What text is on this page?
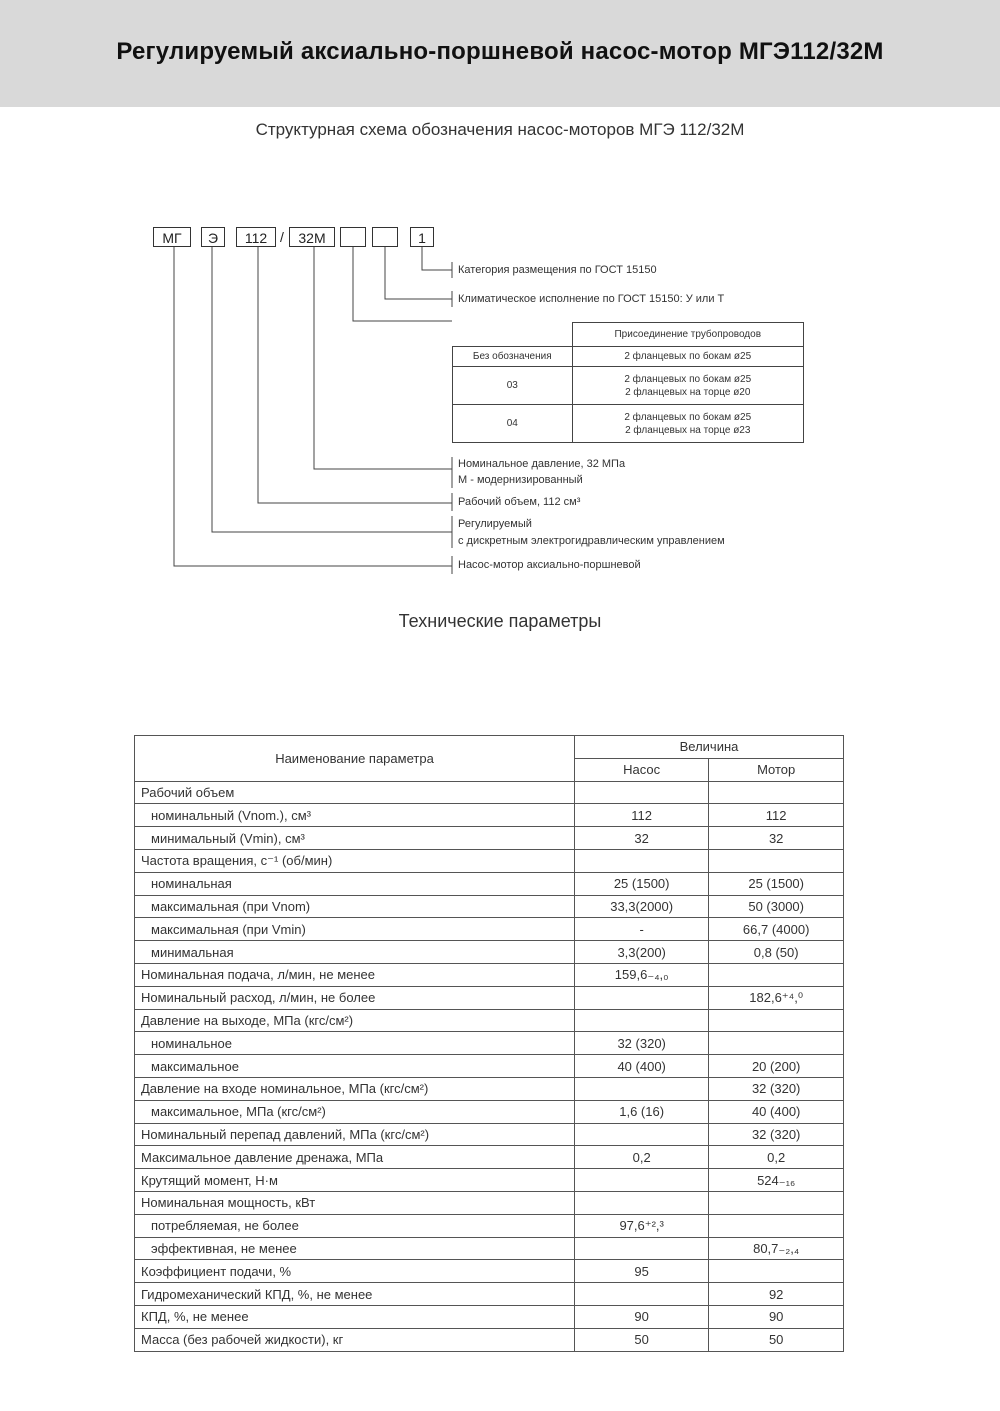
Регулируемый аксиально-поршневой насос-мотор МГЭ112/32М
Структурная схема обозначения насос-моторов МГЭ 112/32М
МГ	Э	112 /	32М	1
Категория размещения по ГОСТ 15150
Климатическое исполнение по ГОСТ 15150: У или Т
Номинальное давление, 32 МПа
М - модернизированный
Рабочий объем, 112 см³
Регулируемый
с дискретным электрогидравлическим управлением
Насос-мотор аксиально-поршневой
	Присоединение трубопроводов
Без обозначения	2 фланцевых по бокам ø25
03	2 фланцевых по бокам ø25
2 фланцевых на торце ø20

04	2 фланцевых по бокам ø25
2 фланцевых на торце ø23
Технические параметры
Наименование параметра	Величина	
	Насос	Мотор
Рабочий объем		
номинальный (Vnom.), см³	112	112
минимальный (Vmin), см³	32	32
Частота вращения, с⁻¹ (об/мин)		
номинальная	25 (1500)	25 (1500)
максимальная (при Vnom)	33,3(2000)	50 (3000)
максимальная (при Vmin)	-	66,7 (4000)
минимальная	3,3(200)	0,8 (50)
Номинальная подача, л/мин, не менее	159,6₋₄,₀	
Номинальный расход, л/мин, не более		182,6⁺⁴,⁰
Давление на выходе, МПа (кгс/см²)		
номинальное	32 (320)	
максимальное	40 (400)	20 (200)
Давление на входе номинальное, МПа (кгс/см²)		32 (320)
максимальное, МПа (кгс/см²)	1,6 (16)	40 (400)
Номинальный перепад давлений, МПа (кгс/см²)		32 (320)
Максимальное давление дренажа, МПа	0,2	0,2
Крутящий момент, Н·м		524₋₁₆
Номинальная мощность, кВт		
потребляемая, не более	97,6⁺²,³	
эффективная, не менее		80,7₋₂,₄
Коэффициент подачи, %	95	
Гидромеханический КПД, %, не менее		92
КПД, %, не менее	90	90
Масса (без рабочей жидкости), кг	50	50
